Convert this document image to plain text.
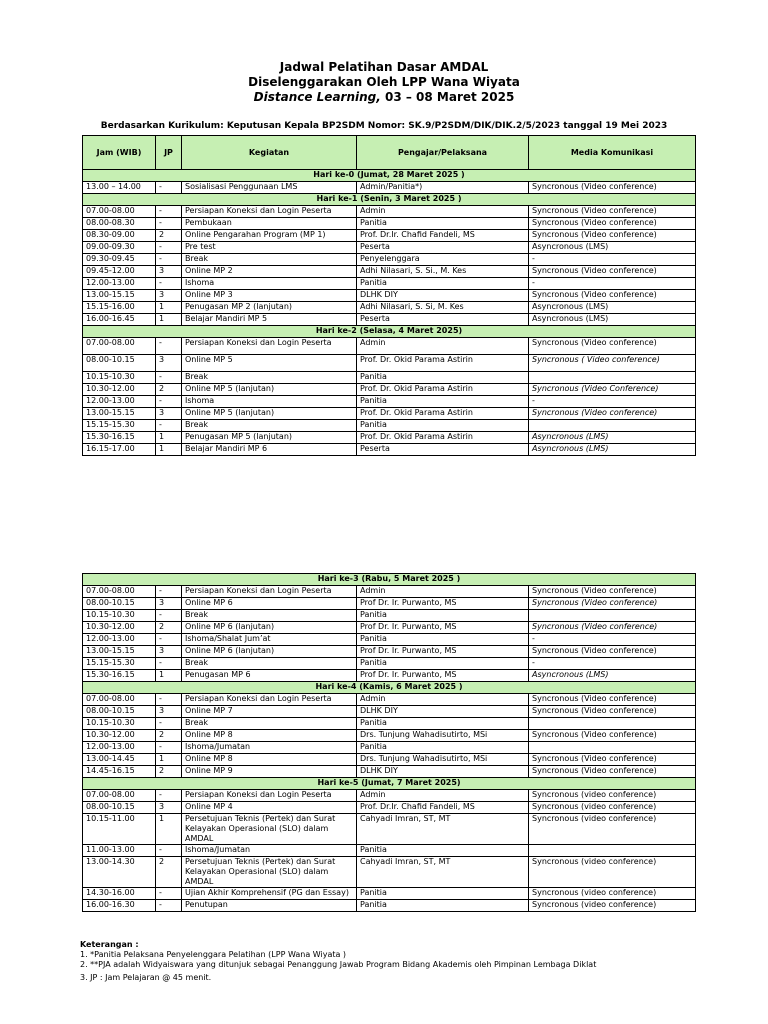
Jadwal Pelatihan Dasar AMDAL
Diselenggarakan Oleh LPP Wana Wiyata
Distance Learning, 03 – 08 Maret 2025
Berdasarkan Kurikulum: Keputusan Kepala BP2SDM Nomor: SK.9/P2SDM/DIK/DIK.2/5/2023 tanggal 19 Mei 2023
Jam (WIB)	JP	Kegiatan	Pengajar/Pelaksana	Media Komunikasi
Hari ke-0 (Jumat, 28 Maret 2025 )				
13.00 – 14.00	-	Sosialisasi Penggunaan LMS	Admin/Panitia*)	Syncronous (Video conference)
Hari ke-1 (Senin, 3 Maret 2025 )				
07.00-08.00	-	Persiapan Koneksi dan Login Peserta	Admin	Syncronous (Video conference)
08.00-08.30	-	Pembukaan	Panitia	Syncronous (Video conference)
08.30-09.00	2	Online Pengarahan Program (MP 1)	Prof. Dr.Ir. Chafid Fandeli, MS	Syncronous (Video conference)
09.00-09.30	-	Pre test	Peserta	Asyncronous (LMS)
09.30-09.45	-	Break	Penyelenggara	-
09.45-12.00	3	Online MP 2	Adhi Nilasari, S. Si., M. Kes	Syncronous (Video conference)
12.00-13.00	-	Ishoma	Panitia	-
13.00-15.15	3	Online MP 3	DLHK DIY	Syncronous (Video conference)
15.15-16.00	1	Penugasan MP 2 (lanjutan)	Adhi Nilasari, S. Si, M. Kes	Asyncronous (LMS)
16.00-16.45	1	Belajar Mandiri MP 5	Peserta	Asyncronous (LMS)
Hari ke-2 (Selasa, 4 Maret 2025)				
07.00-08.00	-	Persiapan Koneksi dan Login Peserta	Admin	Syncronous (Video conference)
08.00-10.15	3	Online MP 5	Prof. Dr. Okid Parama Astirin	Syncronous ( Video conference)
10.15-10.30	-	Break	Panitia	
10.30-12.00	2	Online MP 5 (lanjutan)	Prof. Dr. Okid Parama Astirin	Syncronous (Video Conference)
12.00-13.00	-	Ishoma	Panitia	-
13.00-15.15	3	Online MP 5 (lanjutan)	Prof. Dr. Okid Parama Astirin	Syncronous (Video conference)
15.15-15.30	-	Break	Panitia	
15.30-16.15	1	Penugasan MP 5 (lanjutan)	Prof. Dr. Okid Parama Astirin	Asyncronous (LMS)
16.15-17.00	1	Belajar Mandiri MP 6	Peserta	Asyncronous (LMS)
Hari ke-3 (Rabu, 5 Maret 2025 )				
07.00-08.00	-	Persiapan Koneksi dan Login Peserta	Admin	Syncronous (Video conference)
08.00-10.15	3	Online MP 6	Prof Dr. Ir. Purwanto, MS	Syncronous (Video conference)
10.15-10.30	-	Break	Panitia	
10.30-12.00	2	Online MP 6 (lanjutan)	Prof Dr. Ir. Purwanto, MS	Syncronous (Video conference)
12.00-13.00	-	Ishoma/Shalat Jum’at	Panitia	-
13.00-15.15	3	Online MP 6 (lanjutan)	Prof Dr. Ir. Purwanto, MS	Syncronous (Video conference)
15.15-15.30	-	Break	Panitia	-
15.30-16.15	1	Penugasan MP 6	Prof Dr. Ir. Purwanto, MS	Asyncronous (LMS)
Hari ke-4 (Kamis, 6 Maret 2025 )				
07.00-08.00	-	Persiapan Koneksi dan Login Peserta	Admin	Syncronous (Video conference)
08.00-10.15	3	Online MP 7	DLHK DIY	Syncronous (Video conference)
10.15-10.30	-	Break	Panitia	
10.30-12.00	2	Online MP 8	Drs. Tunjung Wahadisutirto, MSi	Syncronous (Video conference)
12.00-13.00	-	Ishoma/Jumatan	Panitia	
13.00-14.45	1	Online MP 8	Drs. Tunjung Wahadisutirto, MSi	Syncronous (Video conference)
14.45-16.15	2	Online MP 9	DLHK DIY	Syncronous (Video conference)
Hari ke-5 (Jumat, 7 Maret 2025)				
07.00-08.00	-	Persiapan Koneksi dan Login Peserta	Admin	Syncronous (video conference)
08.00-10.15	3	Online MP 4	Prof. Dr.Ir. Chafid Fandeli, MS	Syncronous (video conference)
10.15-11.00	1	Persetujuan Teknis (Pertek) dan Surat Kelayakan Operasional (SLO) dalam AMDAL	Cahyadi Imran, ST, MT	Syncronous (video conference)
11.00-13.00	-	Ishoma/Jumatan	Panitia	
13.00-14.30	2	Persetujuan Teknis (Pertek) dan Surat Kelayakan Operasional (SLO) dalam AMDAL	Cahyadi Imran, ST, MT	Syncronous (video conference)
14.30-16.00	-	Ujian Akhir Komprehensif (PG dan Essay)	Panitia	Syncronous (video conference)
16.00-16.30	-	Penutupan	Panitia	Syncronous (video conference)
Keterangan :
1. *Panitia Pelaksana Penyelenggara Pelatihan (LPP Wana Wiyata )
2. **PJA adalah Widyaiswara yang ditunjuk sebagai Penanggung Jawab Program Bidang Akademis oleh Pimpinan Lembaga Diklat
3. JP : Jam Pelajaran @ 45 menit.
